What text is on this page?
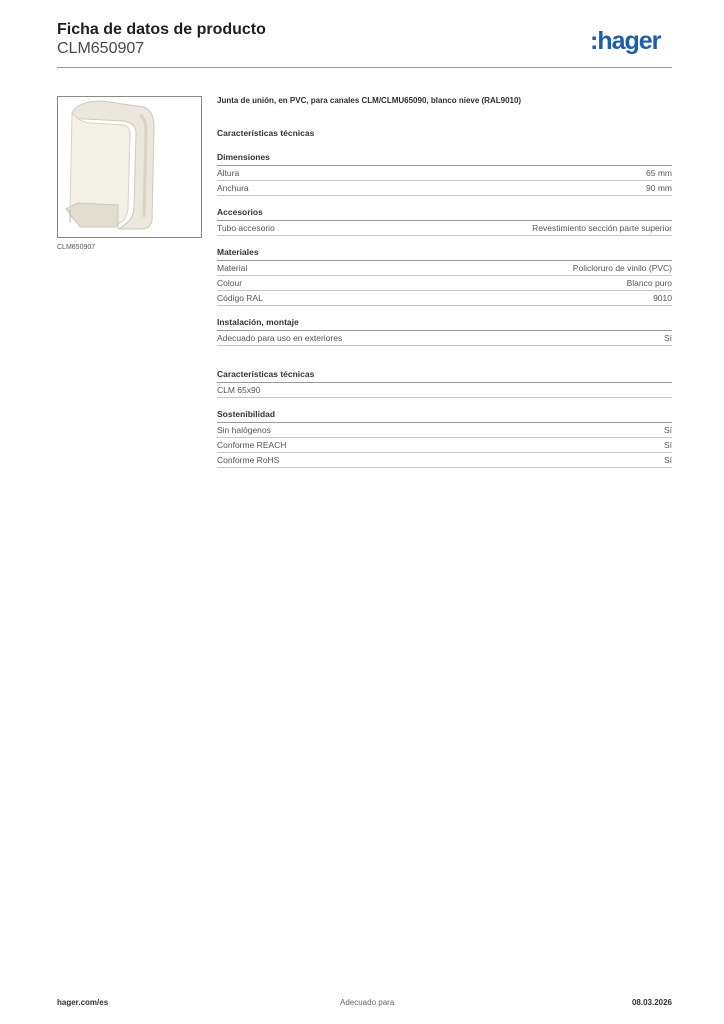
Ficha de datos de producto
CLM650907	:hager
CLM650907
Junta de unión, en PVC, para canales CLM/CLMU65090, blanco nieve (RAL9010)
Características técnicas
Dimensiones
Altura	65 mm
Anchura	90 mm
Accesorios
Tubo accesorio	Revestimiento sección parte superior
Materiales
Material	Policloruro de vinilo (PVC)
Colour	Blanco puro
Código RAL	9010
Instalación, montaje
Adecuado para uso en exteriores	Sí
Características técnicas
CLM 65x90
Sostenibilidad
Sin halógenos	Sí
Conforme REACH	Sí
Conforme RoHS	Sí
hager.com/es	Adecuado para	08.03.2026
